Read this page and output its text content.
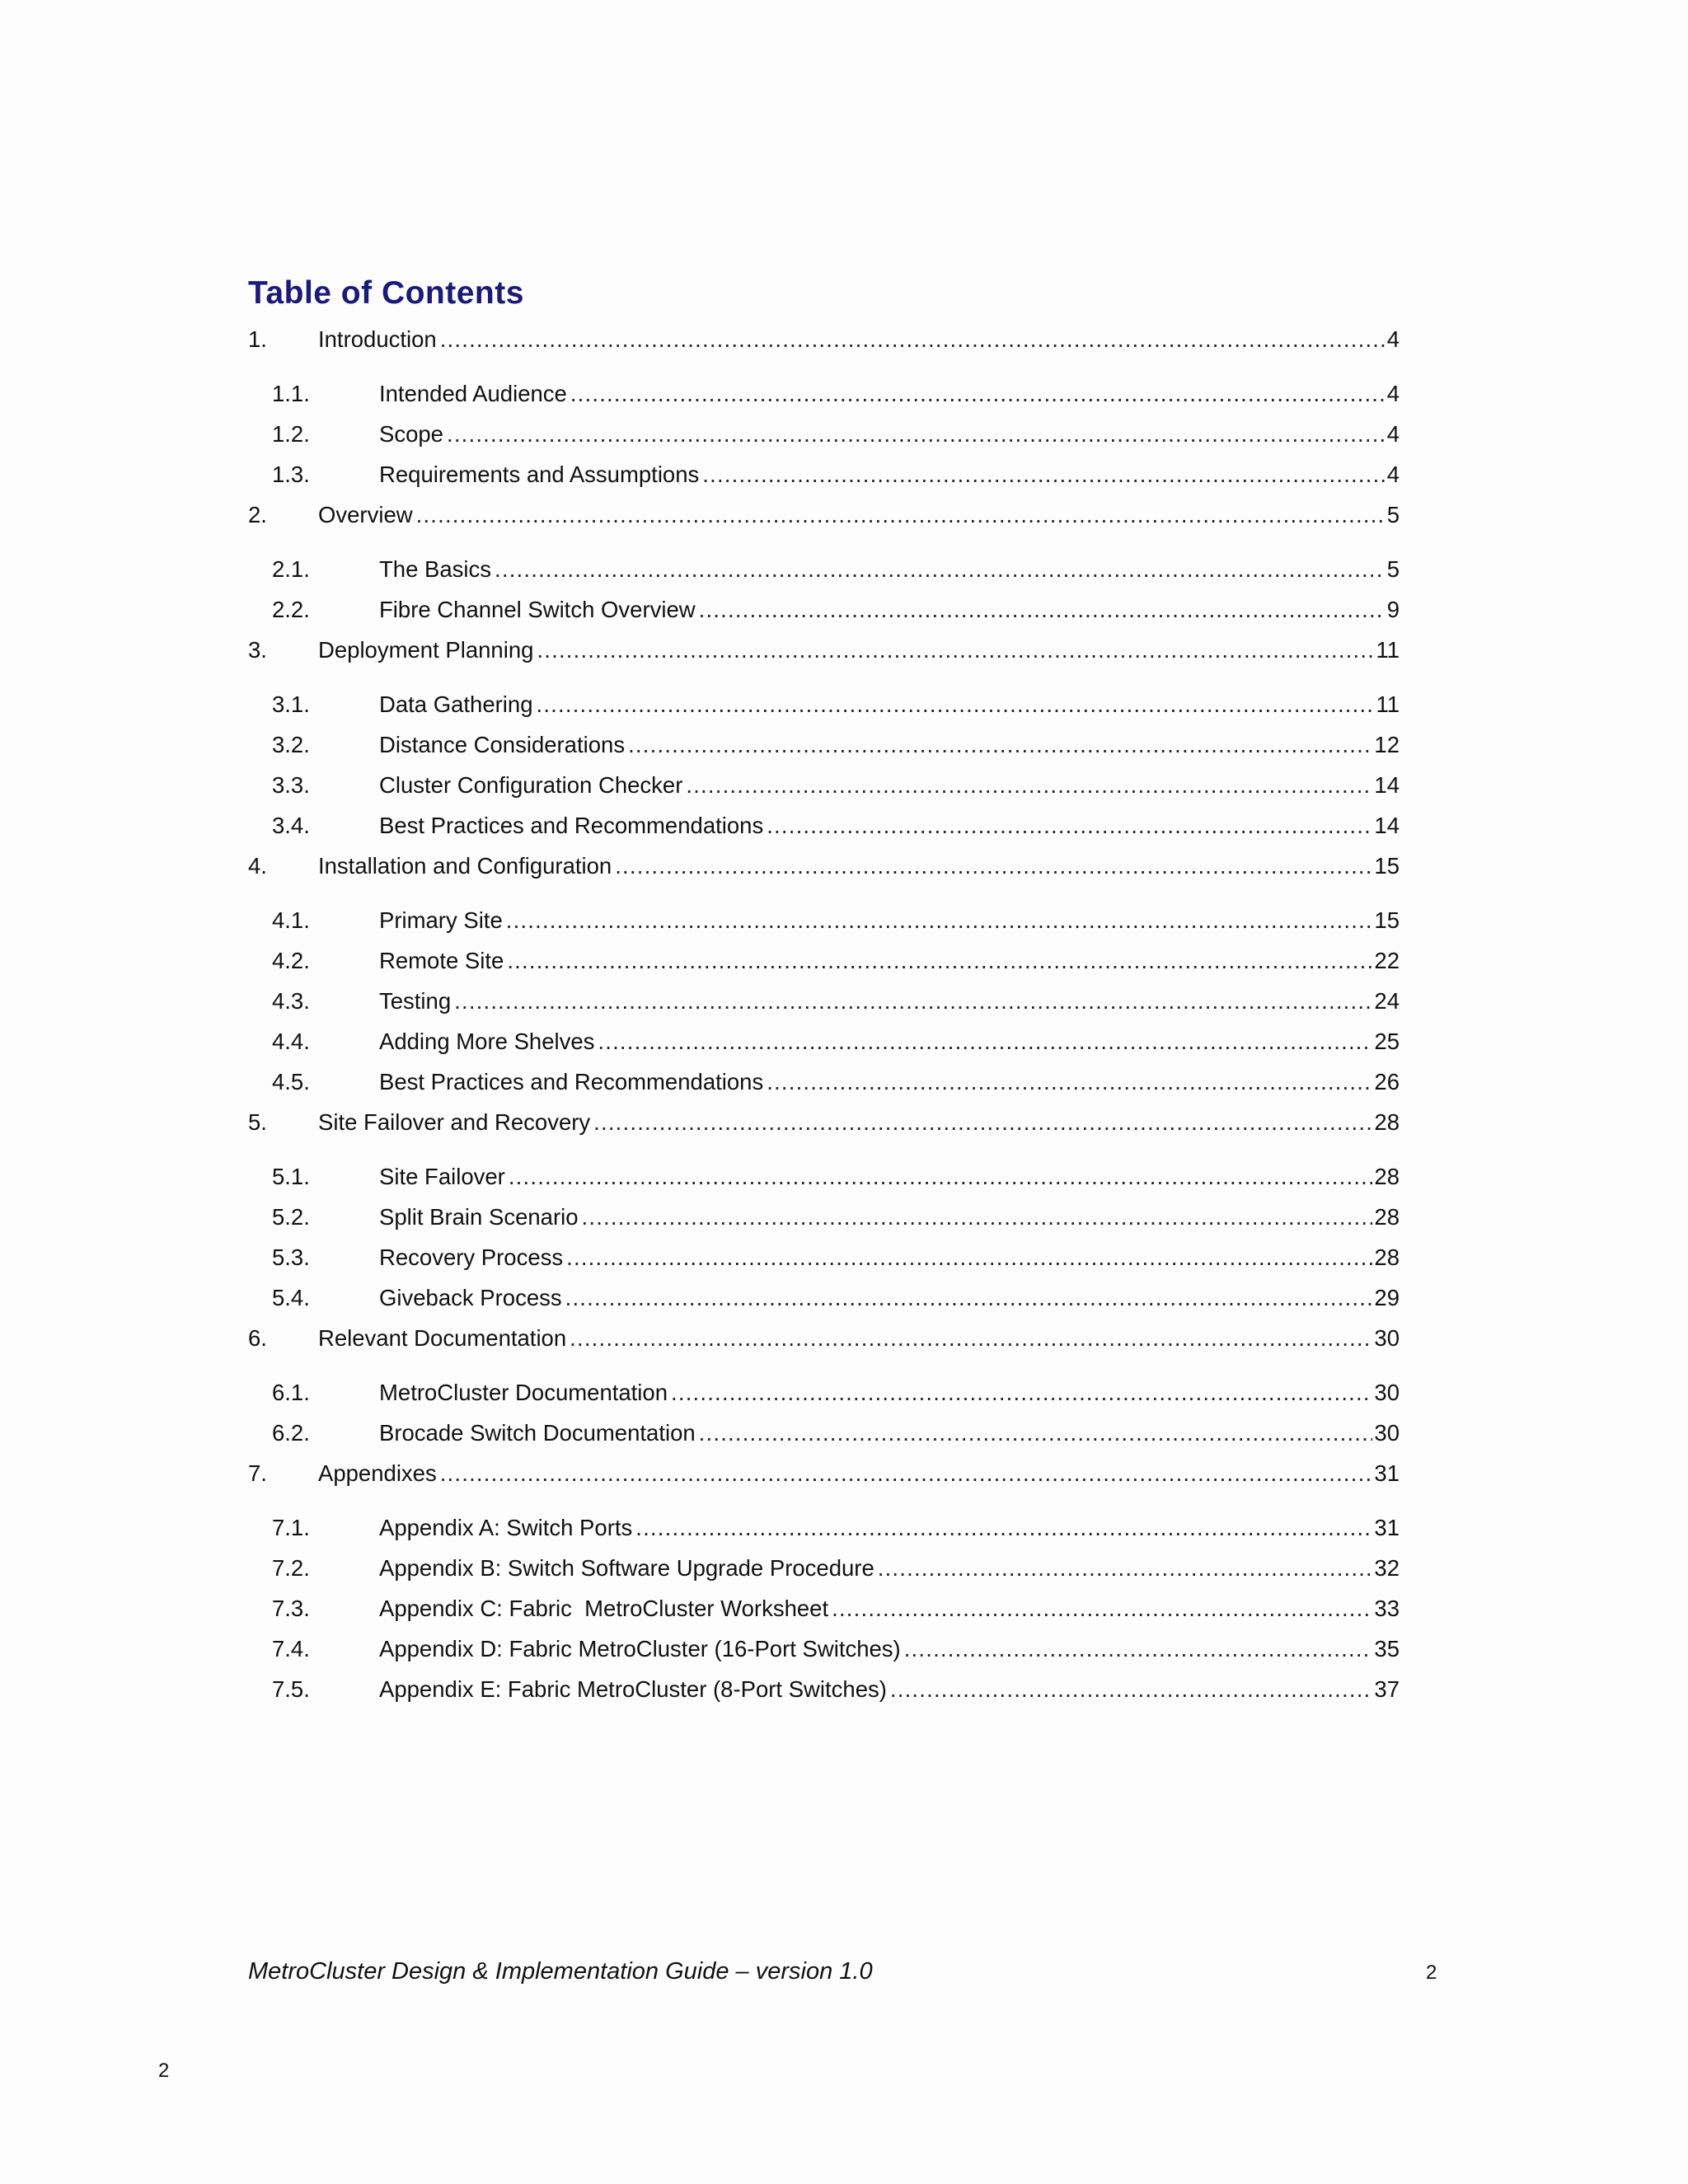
Table of Contents
1.	Introduction .....	4
1.1.	Intended Audience .....	4
1.2.	Scope .....	4
1.3.	Requirements and Assumptions .....	4
2.	Overview .....	5
2.1.	The Basics .....	5
2.2.	Fibre Channel Switch Overview .....	9
3.	Deployment Planning .....	11
3.1.	Data Gathering .....	11
3.2.	Distance Considerations .....	12
3.3.	Cluster Configuration Checker .....	14
3.4.	Best Practices and Recommendations .....	14
4.	Installation and Configuration .....	15
4.1.	Primary Site .....	15
4.2.	Remote Site .....	22
4.3.	Testing .....	24
4.4.	Adding More Shelves .....	25
4.5.	Best Practices and Recommendations .....	26
5.	Site Failover and Recovery .....	28
5.1.	Site Failover .....	28
5.2.	Split Brain Scenario .....	28
5.3.	Recovery Process .....	28
5.4.	Giveback Process .....	29
6.	Relevant Documentation .....	30
6.1.	MetroCluster Documentation .....	30
6.2.	Brocade Switch Documentation .....	30
7.	Appendixes .....	31
7.1.	Appendix A: Switch Ports .....	31
7.2.	Appendix B: Switch Software Upgrade Procedure .....	32
7.3.	Appendix C: Fabric  MetroCluster Worksheet .....	33
7.4.	Appendix D: Fabric MetroCluster (16-Port Switches) .....	35
7.5.	Appendix E: Fabric MetroCluster (8-Port Switches) .....	37
MetroCluster Design & Implementation Guide – version 1.0	2
2
